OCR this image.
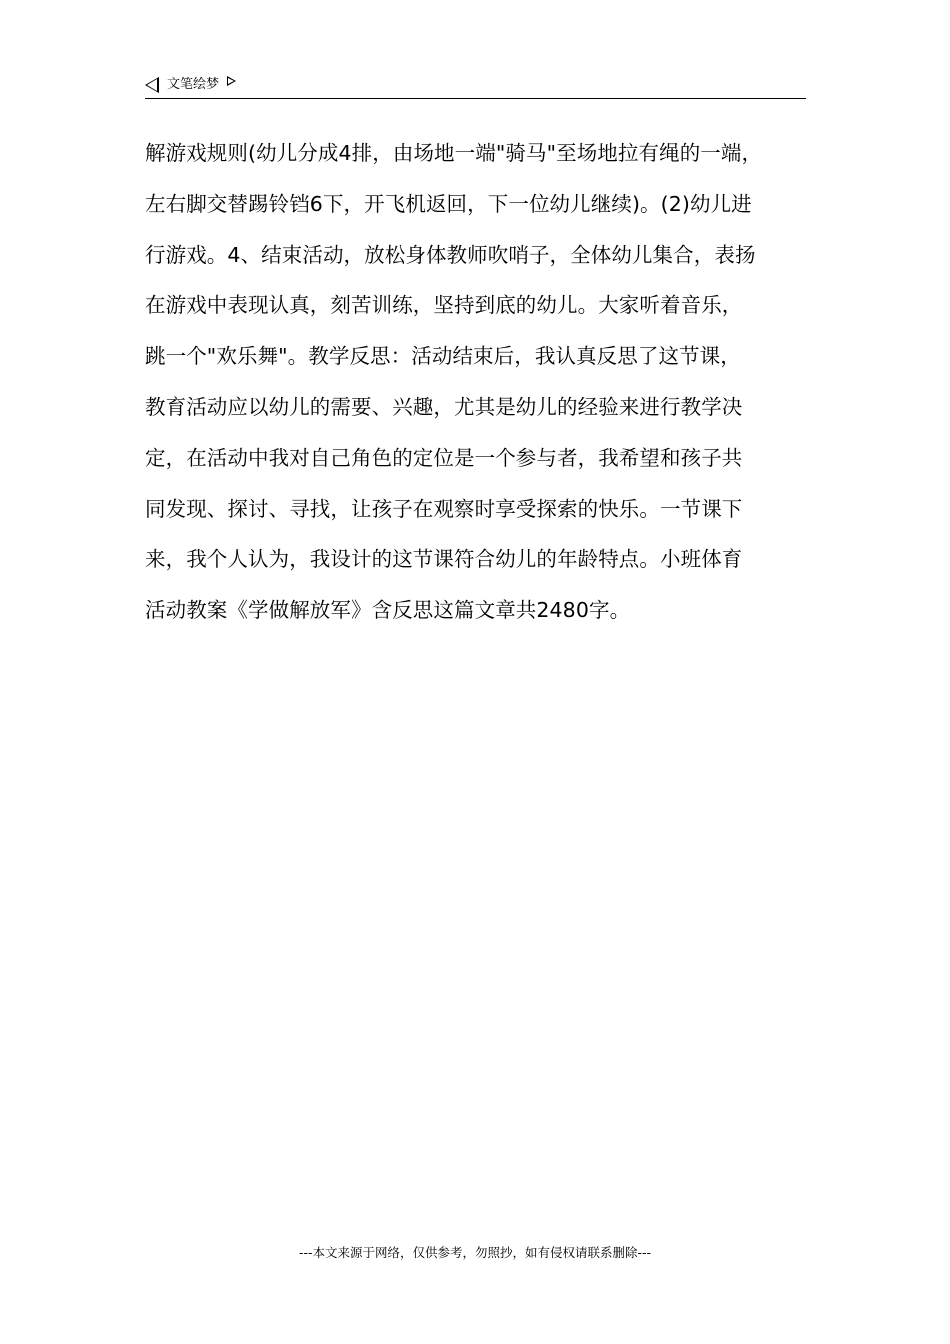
文笔绘梦
解游戏规则(幼儿分成4排，由场地一端"骑马"至场地拉有绳的一端，
左右脚交替踢铃铛6下，开飞机返回，下一位幼儿继续)。(2)幼儿进
行游戏。4、结束活动，放松身体教师吹哨子，全体幼儿集合，表扬
在游戏中表现认真，刻苦训练，坚持到底的幼儿。大家听着音乐，
跳一个"欢乐舞"。教学反思：活动结束后，我认真反思了这节课，
教育活动应以幼儿的需要、兴趣，尤其是幼儿的经验来进行教学决
定，在活动中我对自己角色的定位是一个参与者，我希望和孩子共
同发现、探讨、寻找，让孩子在观察时享受探索的快乐。一节课下
来，我个人认为，我设计的这节课符合幼儿的年龄特点。小班体育
活动教案《学做解放军》含反思这篇文章共2480字。
---本文来源于网络，仅供参考，勿照抄，如有侵权请联系删除---
